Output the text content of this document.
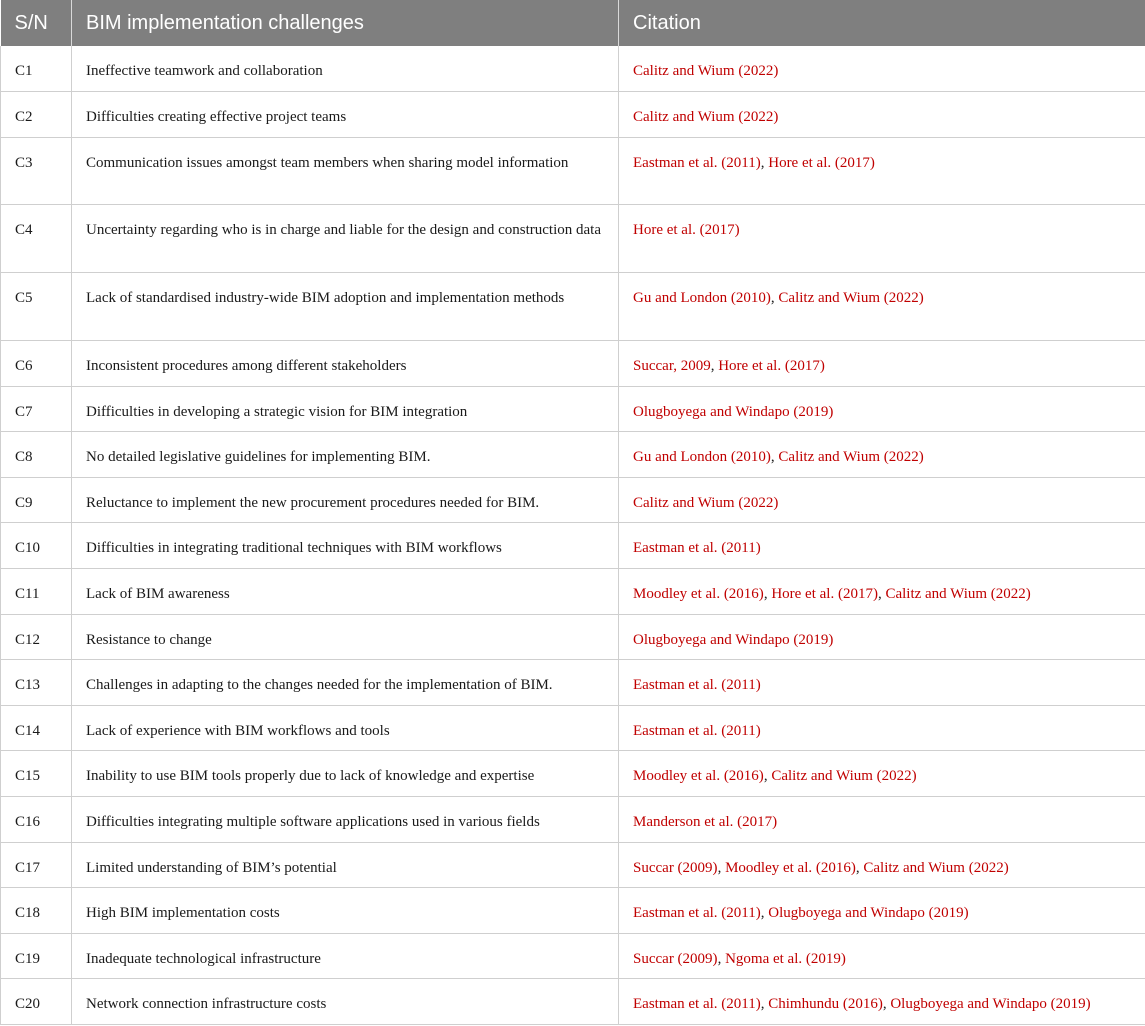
S/N	BIM implementation challenges	Citation
C1	Ineffective teamwork and collaboration	Calitz and Wium (2022)
C2	Difficulties creating effective project teams	Calitz and Wium (2022)
C3	Communication issues amongst team members when sharing model information	Eastman et al. (2011), Hore et al. (2017)
C4	Uncertainty regarding who is in charge and liable for the design and construction data	Hore et al. (2017)
C5	Lack of standardised industry-wide BIM adoption and implementation methods	Gu and London (2010), Calitz and Wium (2022)
C6	Inconsistent procedures among different stakeholders	Succar, 2009, Hore et al. (2017)
C7	Difficulties in developing a strategic vision for BIM integration	Olugboyega and Windapo (2019)
C8	No detailed legislative guidelines for implementing BIM.	Gu and London (2010), Calitz and Wium (2022)
C9	Reluctance to implement the new procurement procedures needed for BIM.	Calitz and Wium (2022)
C10	Difficulties in integrating traditional techniques with BIM workflows	Eastman et al. (2011)
C11	Lack of BIM awareness	Moodley et al. (2016), Hore et al. (2017), Calitz and Wium (2022)
C12	Resistance to change	Olugboyega and Windapo (2019)
C13	Challenges in adapting to the changes needed for the implementation of BIM.	Eastman et al. (2011)
C14	Lack of experience with BIM workflows and tools	Eastman et al. (2011)
C15	Inability to use BIM tools properly due to lack of knowledge and expertise	Moodley et al. (2016), Calitz and Wium (2022)
C16	Difficulties integrating multiple software applications used in various fields	Manderson et al. (2017)
C17	Limited understanding of BIM’s potential	Succar (2009), Moodley et al. (2016), Calitz and Wium (2022)
C18	High BIM implementation costs	Eastman et al. (2011), Olugboyega and Windapo (2019)
C19	Inadequate technological infrastructure	Succar (2009), Ngoma et al. (2019)
C20	Network connection infrastructure costs	Eastman et al. (2011), Chimhundu (2016), Olugboyega and Windapo (2019)
